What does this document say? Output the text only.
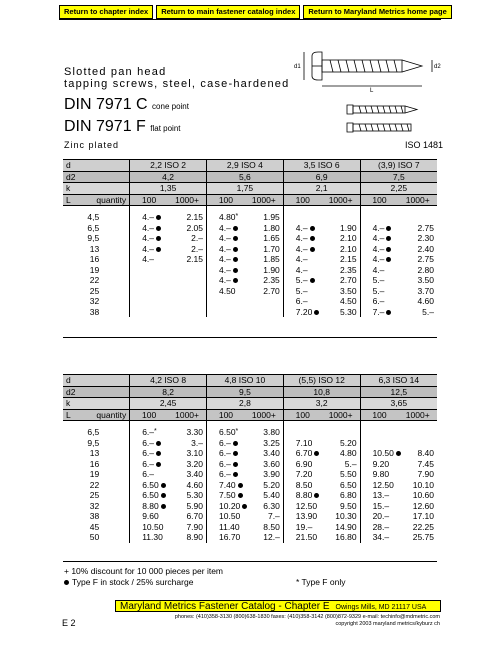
Return to chapter index	Return to main fastener catalog index	Return to Maryland Metrics home page
d1
L
d2
Slotted pan head
tapping screws, steel, case-hardened
DIN 7971 C cone point
DIN 7971 F flat point
Zinc plated	ISO 1481
d	2,2 ISO 2		2,9 ISO 4		3,5 ISO 6		(3,9) ISO 7	
d2	4,2		5,6		6,9		7,5	
k	1,35		1,75		2,1		2,25	
L quantity	100	1000+	100	1000+	100	1000+	100	1000+

4,5	4.–	2.15	4.80*	1.95				
6,5	4.–	2.05	4.–	1.80	4.–	1.90	4.–	2.75
9,5	4.–	2.–	4.–	1.65	4.–	2.10	4.–	2.30
13	4.–	2.–	4.–	1.70	4.–	2.10	4.–	2.40
16	4.–	2.15	4.–	1.85	4.–	2.15	4.–	2.75
19			4.–	1.90	4.–	2.35	4.–	2.80
22			4.–	2.35	5.–	2.70	5.–	3.50
25			4.50	2.70	5.–	3.50	5.–	3.70
32					6.–	4.50	6.–	4.60
38					7.20	5.30	7.–	5.–
d	4,2 ISO 8		4,8 ISO 10		(5,5) ISO 12		6,3 ISO 14	
d2	8,2		9,5		10,8		12,5	
k	2,45		2,8		3,2		3,65	
L quantity	100	1000+	100	1000+	100	1000+	100	1000+

6,5	6.–*	3.30	6.50*	3.80				
9,5	6.–	3.–	6.–	3.25	7.10	5.20		
13	6.–	3.10	6.–	3.40	6.70	4.80	10.50	8.40
16	6.–	3.20	6.–	3.60	6.90	5.–	9.20	7.45
19	6.–	3.40	6.–	3.90	7.20	5.50	9.80	7.90
22	6.50	4.60	7.40	5.20	8.50	6.50	12.50	10.10
25	6.50	5.30	7.50	5.40	8.80	6.80	13.–	10.60
32	8.80	5.90	10.20	6.30	12.50	9.50	15.–	12.60
38	9.60	6.70	10.50	7.–	13.90	10.30	20.–	17.10
45	10.50	7.90	11.40	8.50	19.–	14.90	28.–	22.25
50	11.30	8.90	16.70	12.–	21.50	16.80	34.–	25.75
+ 10% discount for 10 000 pieces per item
Type F in stock / 25% surcharge	* Type F only
Maryland Metrics Fastener Catalog - Chapter E Owings Mills, MD 21117 USA
E 2
phones: (410)358-3130 (800)638-1830 faxes: (410)358-3142 (800)872-9329 e-mail: techinfo@mdmetric.com
copyright 2003 maryland metrics/kyburz ch
